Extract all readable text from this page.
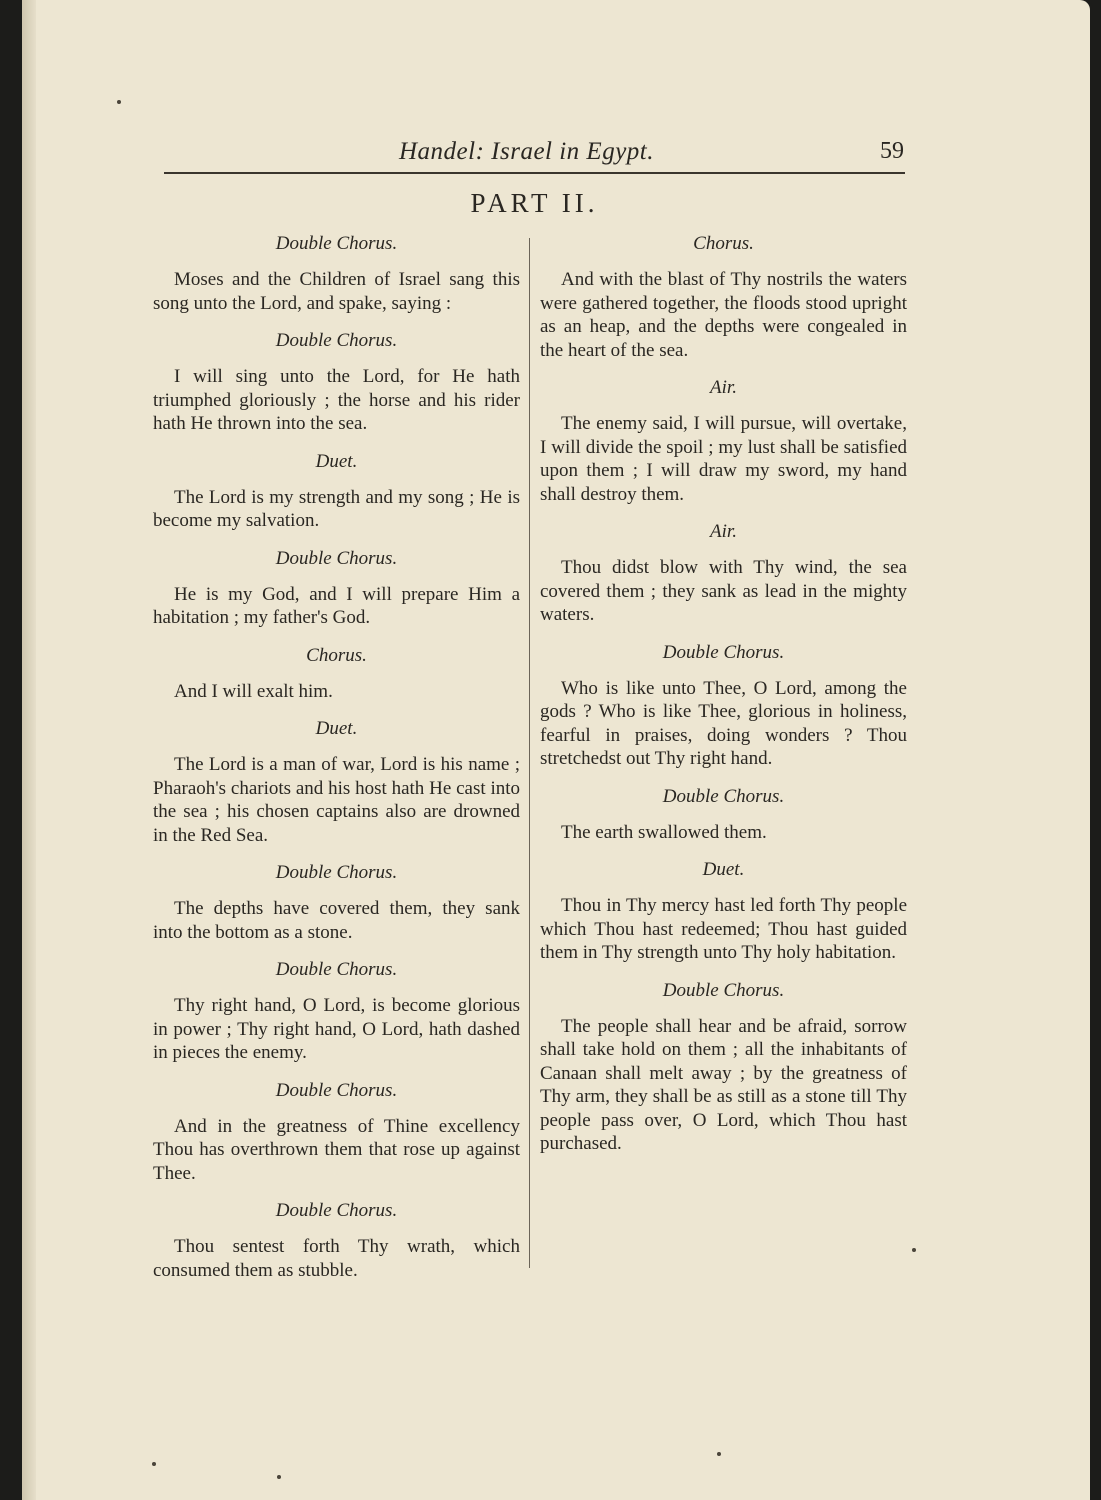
Handel: Israel in Egypt.	59
PART II.
Double Chorus.

Moses and the Children of Israel sang this song unto the Lord, and spake, saying :

Double Chorus.

I will sing unto the Lord, for He hath triumphed gloriously ; the horse and his rider hath He thrown into the sea.

Duet.

The Lord is my strength and my song ; He is become my salvation.

Double Chorus.

He is my God, and I will prepare Him a habitation ; my father's God.

Chorus.

And I will exalt him.

Duet.

The Lord is a man of war, Lord is his name ; Pharaoh's chariots and his host hath He cast into the sea ; his chosen captains also are drowned in the Red Sea.

Double Chorus.

The depths have covered them, they sank into the bottom as a stone.

Double Chorus.

Thy right hand, O Lord, is become glorious in power ; Thy right hand, O Lord, hath dashed in pieces the enemy.

Double Chorus.

And in the greatness of Thine excellency Thou has overthrown them that rose up against Thee.

Double Chorus.

Thou sentest forth Thy wrath, which consumed them as stubble.

Chorus.

And with the blast of Thy nostrils the waters were gathered together, the floods stood upright as an heap, and the depths were congealed in the heart of the sea.

Air.

The enemy said, I will pursue, will overtake, I will divide the spoil ; my lust shall be satisfied upon them ; I will draw my sword, my hand shall destroy them.

Air.

Thou didst blow with Thy wind, the sea covered them ; they sank as lead in the mighty waters.

Double Chorus.

Who is like unto Thee, O Lord, among the gods ? Who is like Thee, glorious in holiness, fearful in praises, doing wonders ? Thou stretchedst out Thy right hand.

Double Chorus.

The earth swallowed them.

Duet.

Thou in Thy mercy hast led forth Thy people which Thou hast redeemed; Thou hast guided them in Thy strength unto Thy holy habitation.

Double Chorus.

The people shall hear and be afraid, sorrow shall take hold on them ; all the inhabitants of Canaan shall melt away ; by the greatness of Thy arm, they shall be as still as a stone till Thy people pass over, O Lord, which Thou hast purchased.
